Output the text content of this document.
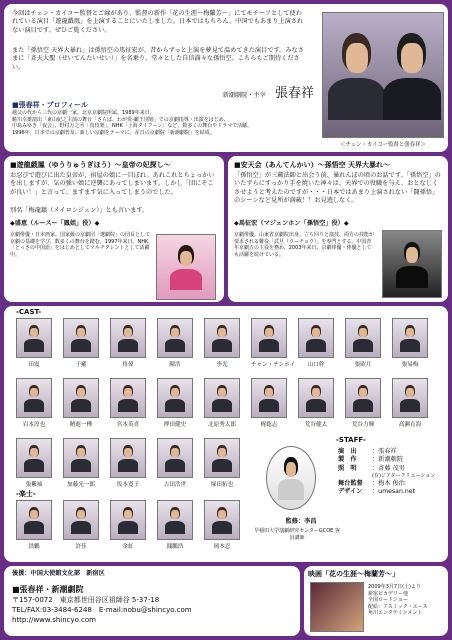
今回はチェン・カイコー監督とご縁があり、監督の新作「花の生涯〜梅蘭芳〜」にてモチーフとして使われている演目「遊龍戯鳳」を上演することにいたしました。日本ではもちろん、中国でもあまり上演されない演目です。ぜひご覧ください。
また「孫悟空 天界大暴れ」は孫悟空の馬征宏が、昔からずっと上演を夢見て温めてきた演目です。みなさまに「斉天大聖（せいてんたいせい）」を名乗り、堂々とした自信満々な孫悟空。こちらもご期待ください。
新潮劇院・主宰 張春祥
＜チェン・カイコー監督と張春祥＞
■張春祥・プロフィール
越父の代から三代の京劇一家。北京京劇院所属。1989年来日。
蜷川幸雄演出「東山紀之主演の舞台「さらば、わが愛-覇王別姫」での京劇指導・出演をはじめ、
中島みゆき「夜会」、野村万之丞「真伎楽」、NHK「上海タイフーン」など、数多くの舞台やドラマで活躍。
1996年、日本での京劇普及、新しい京劇をテーマに、在日の京劇院「新潮劇院」を結成。
■遊龍戯鳳（ゆうりゅうぎほう）〜皇帝の妃探し〜
お忍びで遊びに出た皇帝が、宿屋の娘に一目ぼれ。あれこれとちょっかいを出しますが、気の強い娘に逆襲にあってしまいます。しかし「団にそこが良い！」と言って、ますます気に入ってしまうのでした。
別名「梅龍鎮（メイロンジェン）」とも言います。
◆盛恵（ルースー「鳳姐」役）◆
京劇俳優・日本画家。国家級の京劇団「遼劇院」の団長として京劇の基礎を学び、数多くの舞台を踏む。1997年来日。NHK「とっさの中国語」をはじめとしてマルチタレントとして活躍中。
■安天会（あんてんかい）〜孫悟空 天界大暴れ〜
「孫悟空」が三蔵法師と出会う前、暴れんぼの頃のお話です。「孫悟空」のいたずらにすっかり手を焼いた神々は、天界での役職を与え、おとなしくさせようと考えたのですが・・・日本ではあまり上演されない「闘孫悟」のシーンなど見所が満載！！お見逃しなく。
◆馬征宏（マジェンホン「孫悟空」役）◆
京劇俳優。山東省京劇院出身。立ち回りと演技、両方の技能が要求される難役「武旦（ウーチョウ）」を専門とする。中国青年京劇五の主役を務め、2003年来日。京劇俳優・俳優としても活躍を続けている。
-CAST-
田震	于羅	佟偉	陳浩	李光	チャン・チンホイ	山口幹	張欧月	張易梅
岩本淳也	精進一樺	宮本英喜	押田健史	北原秀太郎	梶聡志	荒谷健太	荒谷力輝	高瀬育海
張紫袖	加藤光一郎	坂本寛子	吉田浩世	塚田拓也
-楽士-
洪鵬	許佳	金虹	銭鵬浩	岡本忍
監修：李昌
早稲田大学演劇研究センターGCOE 客員講師
-STAFF-
演　出 ：張春祥
製　作 ：新潮劇院
照　明 ：斉藤 茂男
(有)ジアタークリエーション
舞台監督 ：梅木 俊治
デザイン ：umesan.net
後援：中国大使館文化部　新宿区
■張春祥・新潮劇院
〒157-0072　東京都世田谷区祖師谷 5-37-18
TEL/FAX:03-3484-6248　E-mail:nobu@shincyo.com
http://www.shincyo.com
映画「花の生涯〜梅蘭芳〜」
2009年3月7日(土)より
新宿ピカデリー他
全国ロードショー
配給：アスミック・エース
角川エンタテインメント
